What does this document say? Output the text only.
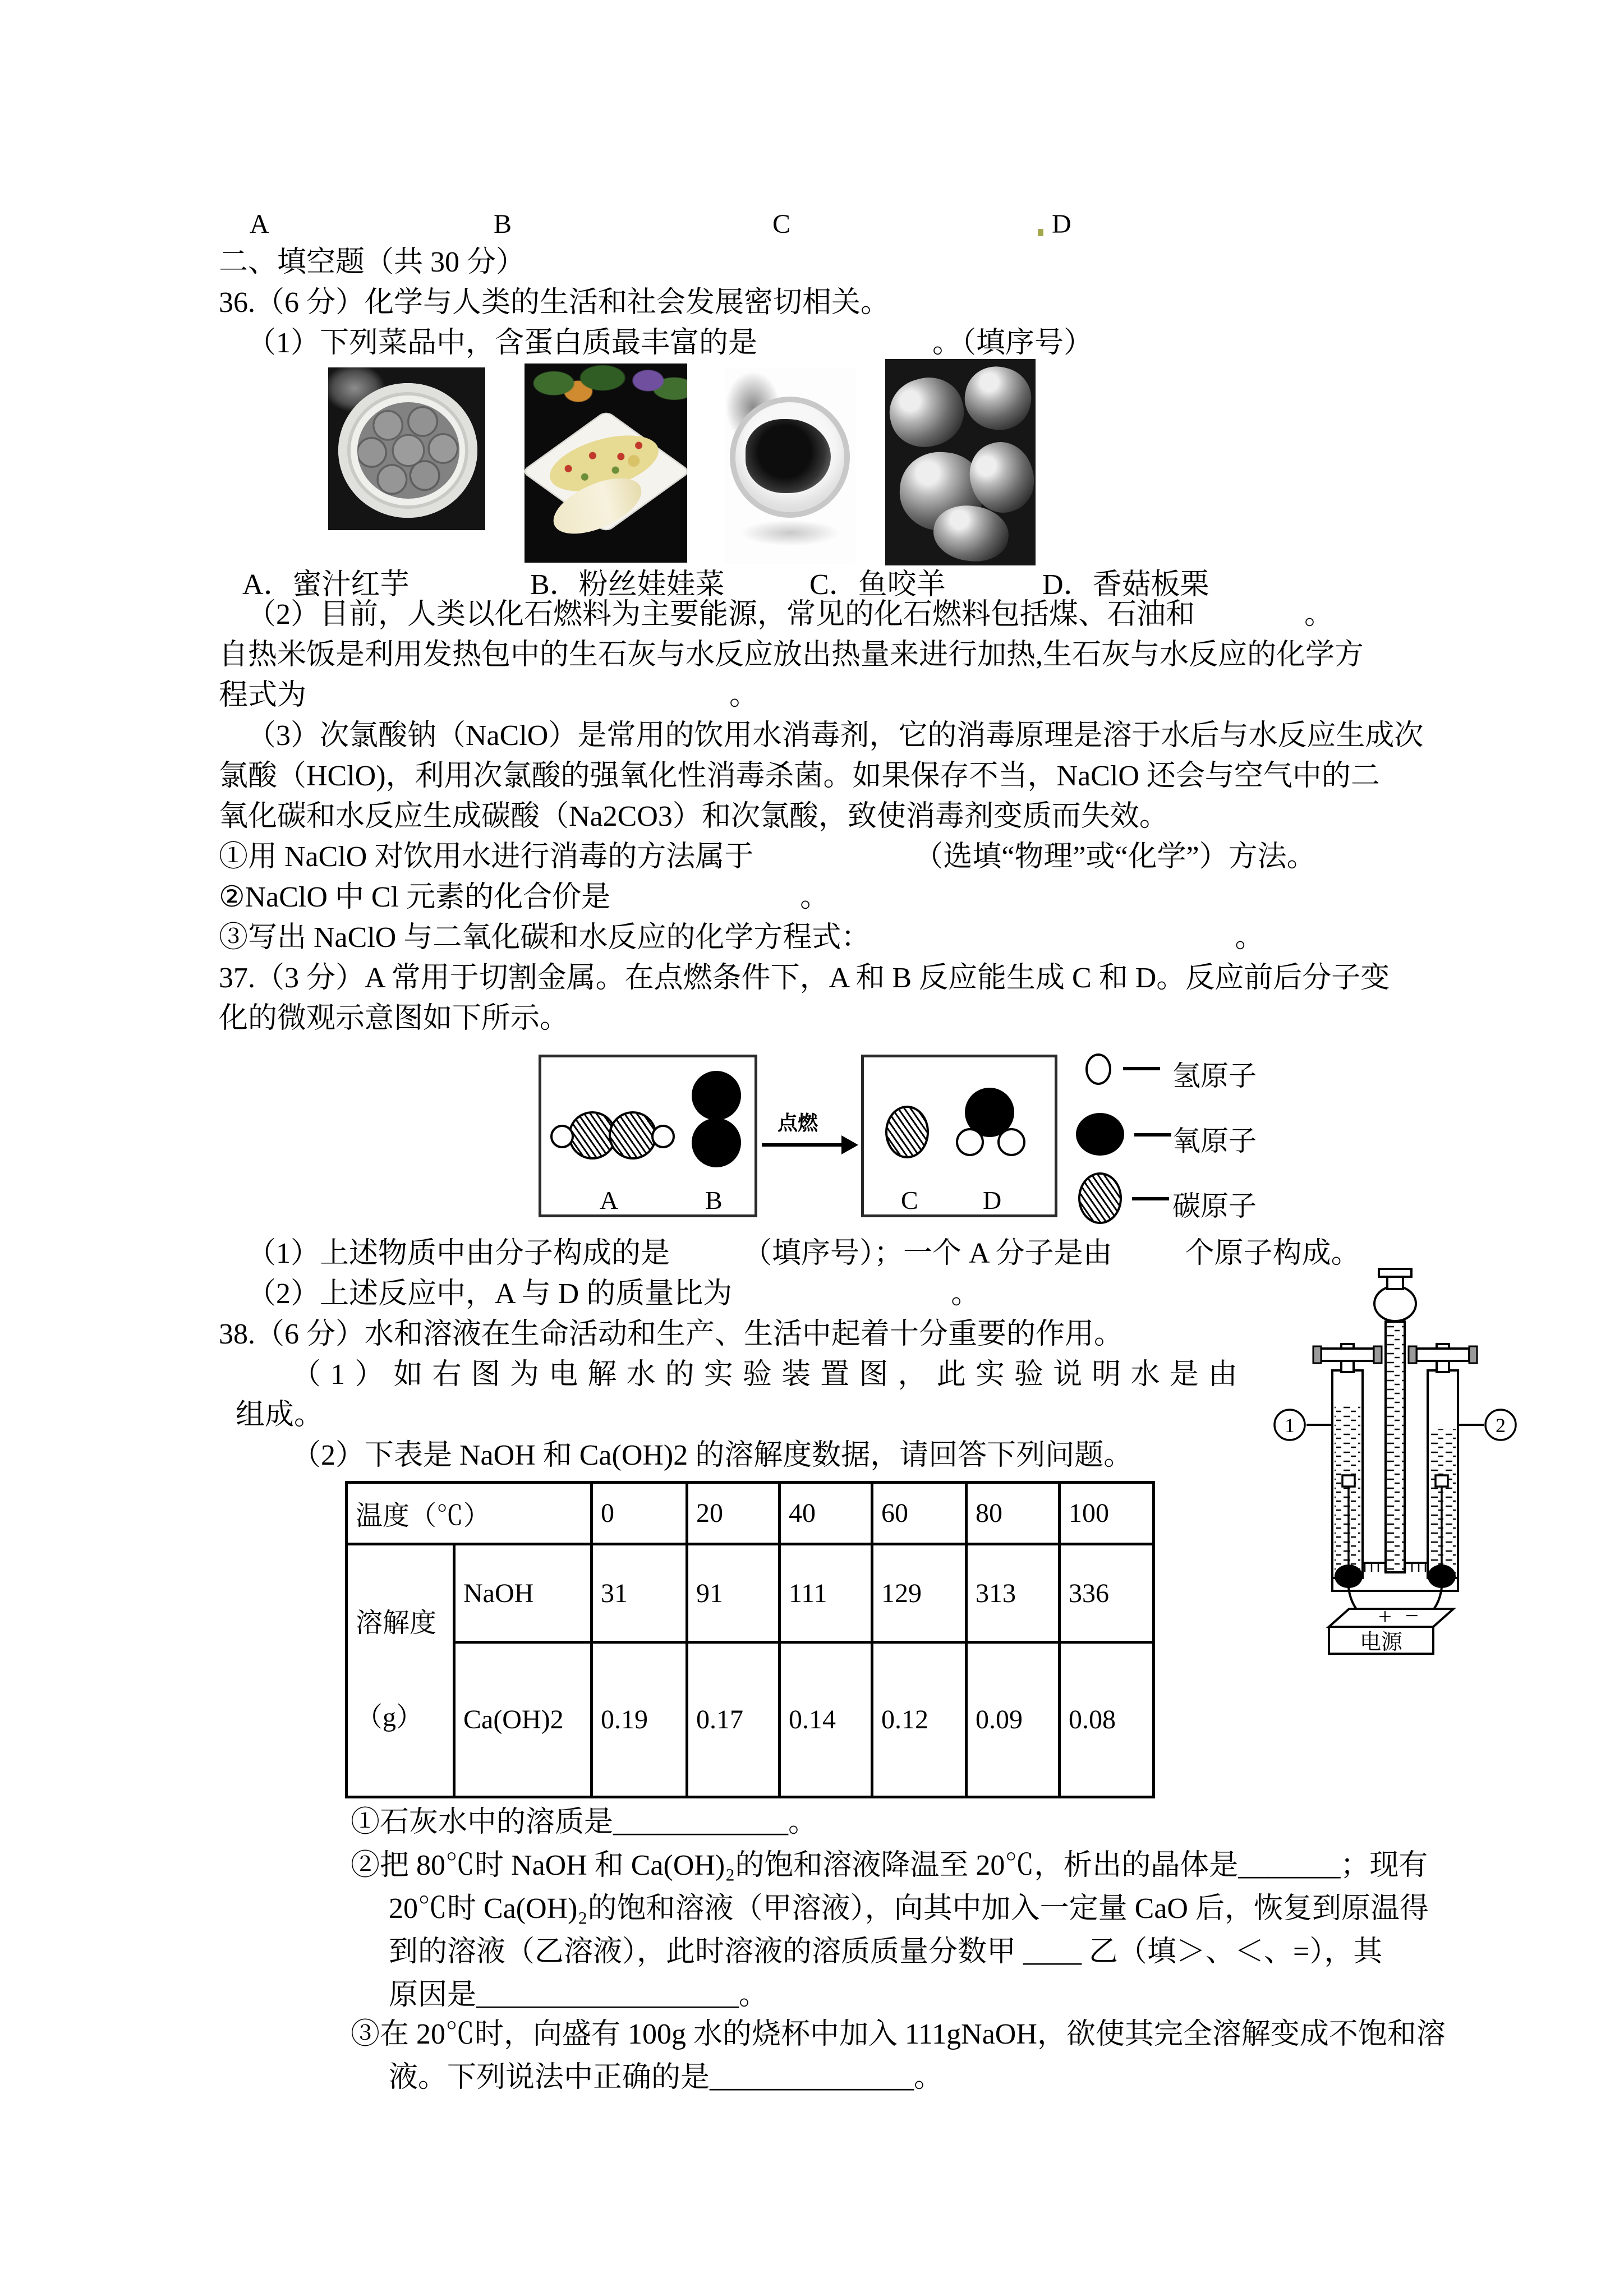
A	B	C	D
二、填空题（共 30 分）
36.（6 分）化学与人类的生活和社会发展密切相关。
（1）下列菜品中，含蛋白质最丰富的是                        。（填序号）
A．蜜汁红芋	B．粉丝娃娃菜	C．鱼咬羊	D．香菇板栗
（2）目前，人类以化石燃料为主要能源，常见的化石燃料包括煤、石油和               。
自热米饭是利用发热包中的生石灰与水反应放出热量来进行加热,生石灰与水反应的化学方
程式为                                                          。
（3）次氯酸钠（NaClO）是常用的饮用水消毒剂，它的消毒原理是溶于水后与水反应生成次
氯酸（HClO)，利用次氯酸的强氧化性消毒杀菌。如果保存不当，NaClO 还会与空气中的二
氧化碳和水反应生成碳酸（Na2CO3）和次氯酸，致使消毒剂变质而失效。
①用 NaClO 对饮用水进行消毒的方法属于                      （选填“物理”或“化学”）方法。
②NaClO 中 Cl 元素的化合价是                          。
③写出 NaClO 与二氧化碳和水反应的化学方程式：                                                  。
37.（3 分）A 常用于切割金属。在点燃条件下，A 和 B 反应能生成 C 和 D。反应前后分子变
化的微观示意图如下所示。
A	B
点燃
C	D
氢原子
氧原子
碳原子
（1）上述物质中由分子构成的是          （填序号）；一个 A 分子是由          个原子构成。
（2）上述反应中，A 与 D 的质量比为                              。
38.（6 分）水和溶液在生命活动和生产、生活中起着十分重要的作用。
（1）如右图为电解水的实验装置图，此实验说明水是由
组成。
（2）下表是 NaOH 和 Ca(OH)2 的溶解度数据，请回答下列问题。
+ −
电源
1	2
温度（℃）		0	20	40	60	80	100

溶解度

（g）	NaOH	31	91	111	129	313	336
	Ca(OH)2	0.19	0.17	0.14	0.12	0.09	0.08
①石灰水中的溶质是____________。
②把 80℃时 NaOH 和 Ca(OH)₂的饱和溶液降温至 20℃，析出的晶体是_______；现有
20℃时 Ca(OH)₂的饱和溶液（甲溶液），向其中加入一定量 CaO 后，恢复到原温得
到的溶液（乙溶液），此时溶液的溶质质量分数甲 ____ 乙（填＞、＜、=），其
原因是__________________。
③在 20℃时，向盛有 100g 水的烧杯中加入 111gNaOH，欲使其完全溶解变成不饱和溶
液。下列说法中正确的是______________。
